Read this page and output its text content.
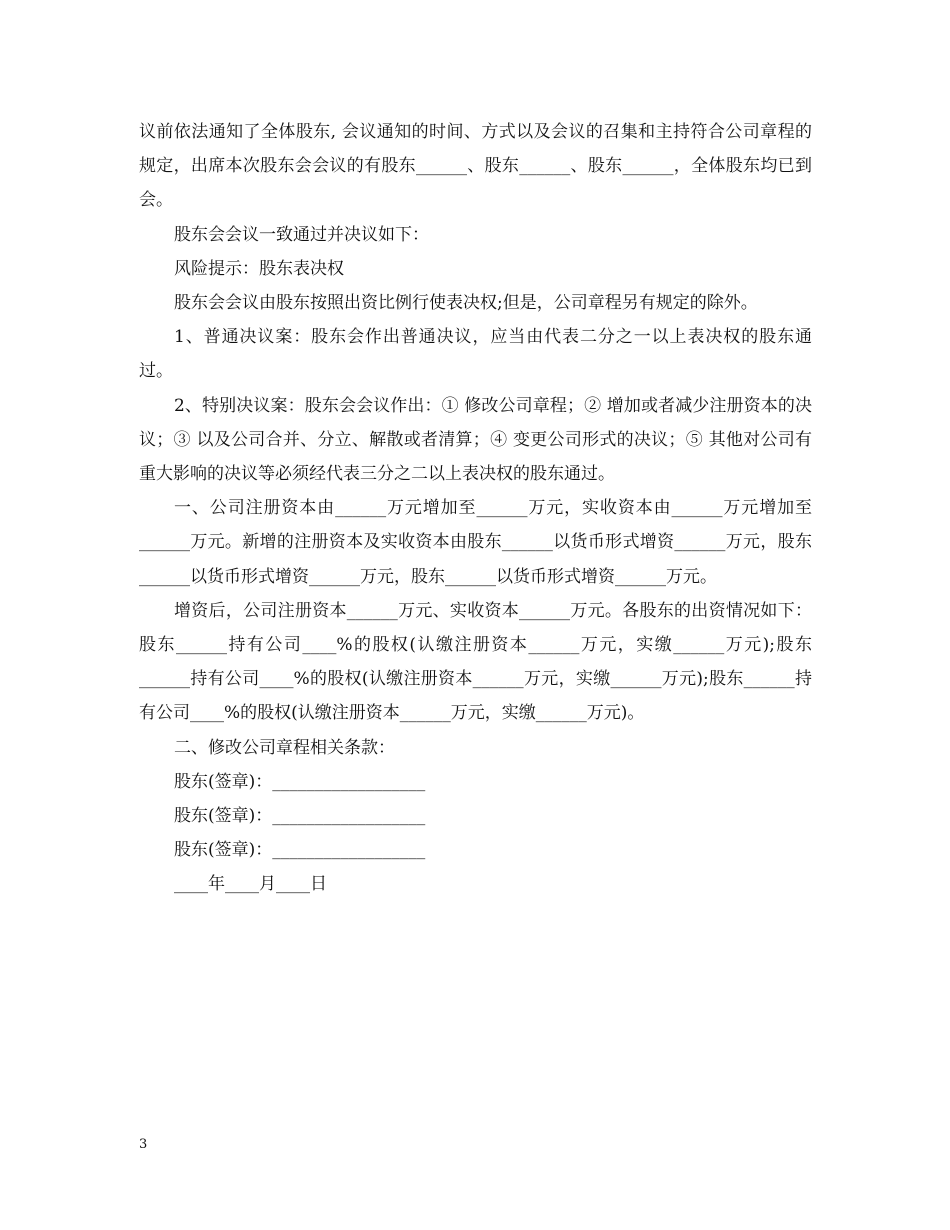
议前依法通知了全体股东, 会议通知的时间、方式以及会议的召集和主持符合公司章程的规定，出席本次股东会会议的有股东______、股东______、股东______，全体股东均已到会。

股东会会议一致通过并决议如下：

风险提示：股东表决权

股东会会议由股东按照出资比例行使表决权;但是，公司章程另有规定的除外。

1、普通决议案：股东会作出普通决议，应当由代表二分之一以上表决权的股东通过。

2、特别决议案：股东会会议作出：① 修改公司章程；② 增加或者减少注册资本的决议；③ 以及公司合并、分立、解散或者清算；④ 变更公司形式的决议；⑤ 其他对公司有重大影响的决议等必须经代表三分之二以上表决权的股东通过。

一、公司注册资本由______万元增加至______万元，实收资本由______万元增加至______万元。新增的注册资本及实收资本由股东______以货币形式增资______万元，股东______以货币形式增资______万元，股东______以货币形式增资______万元。

增资后，公司注册资本______万元、实收资本______万元。各股东的出资情况如下：股东______持有公司____%的股权(认缴注册资本______万元，实缴______万元);股东______持有公司____%的股权(认缴注册资本______万元，实缴______万元);股东______持有公司____%的股权(认缴注册资本______万元，实缴______万元)。

二、修改公司章程相关条款：

股东(签章)：__________________

股东(签章)：__________________

股东(签章)：__________________

____年____月____日

3
